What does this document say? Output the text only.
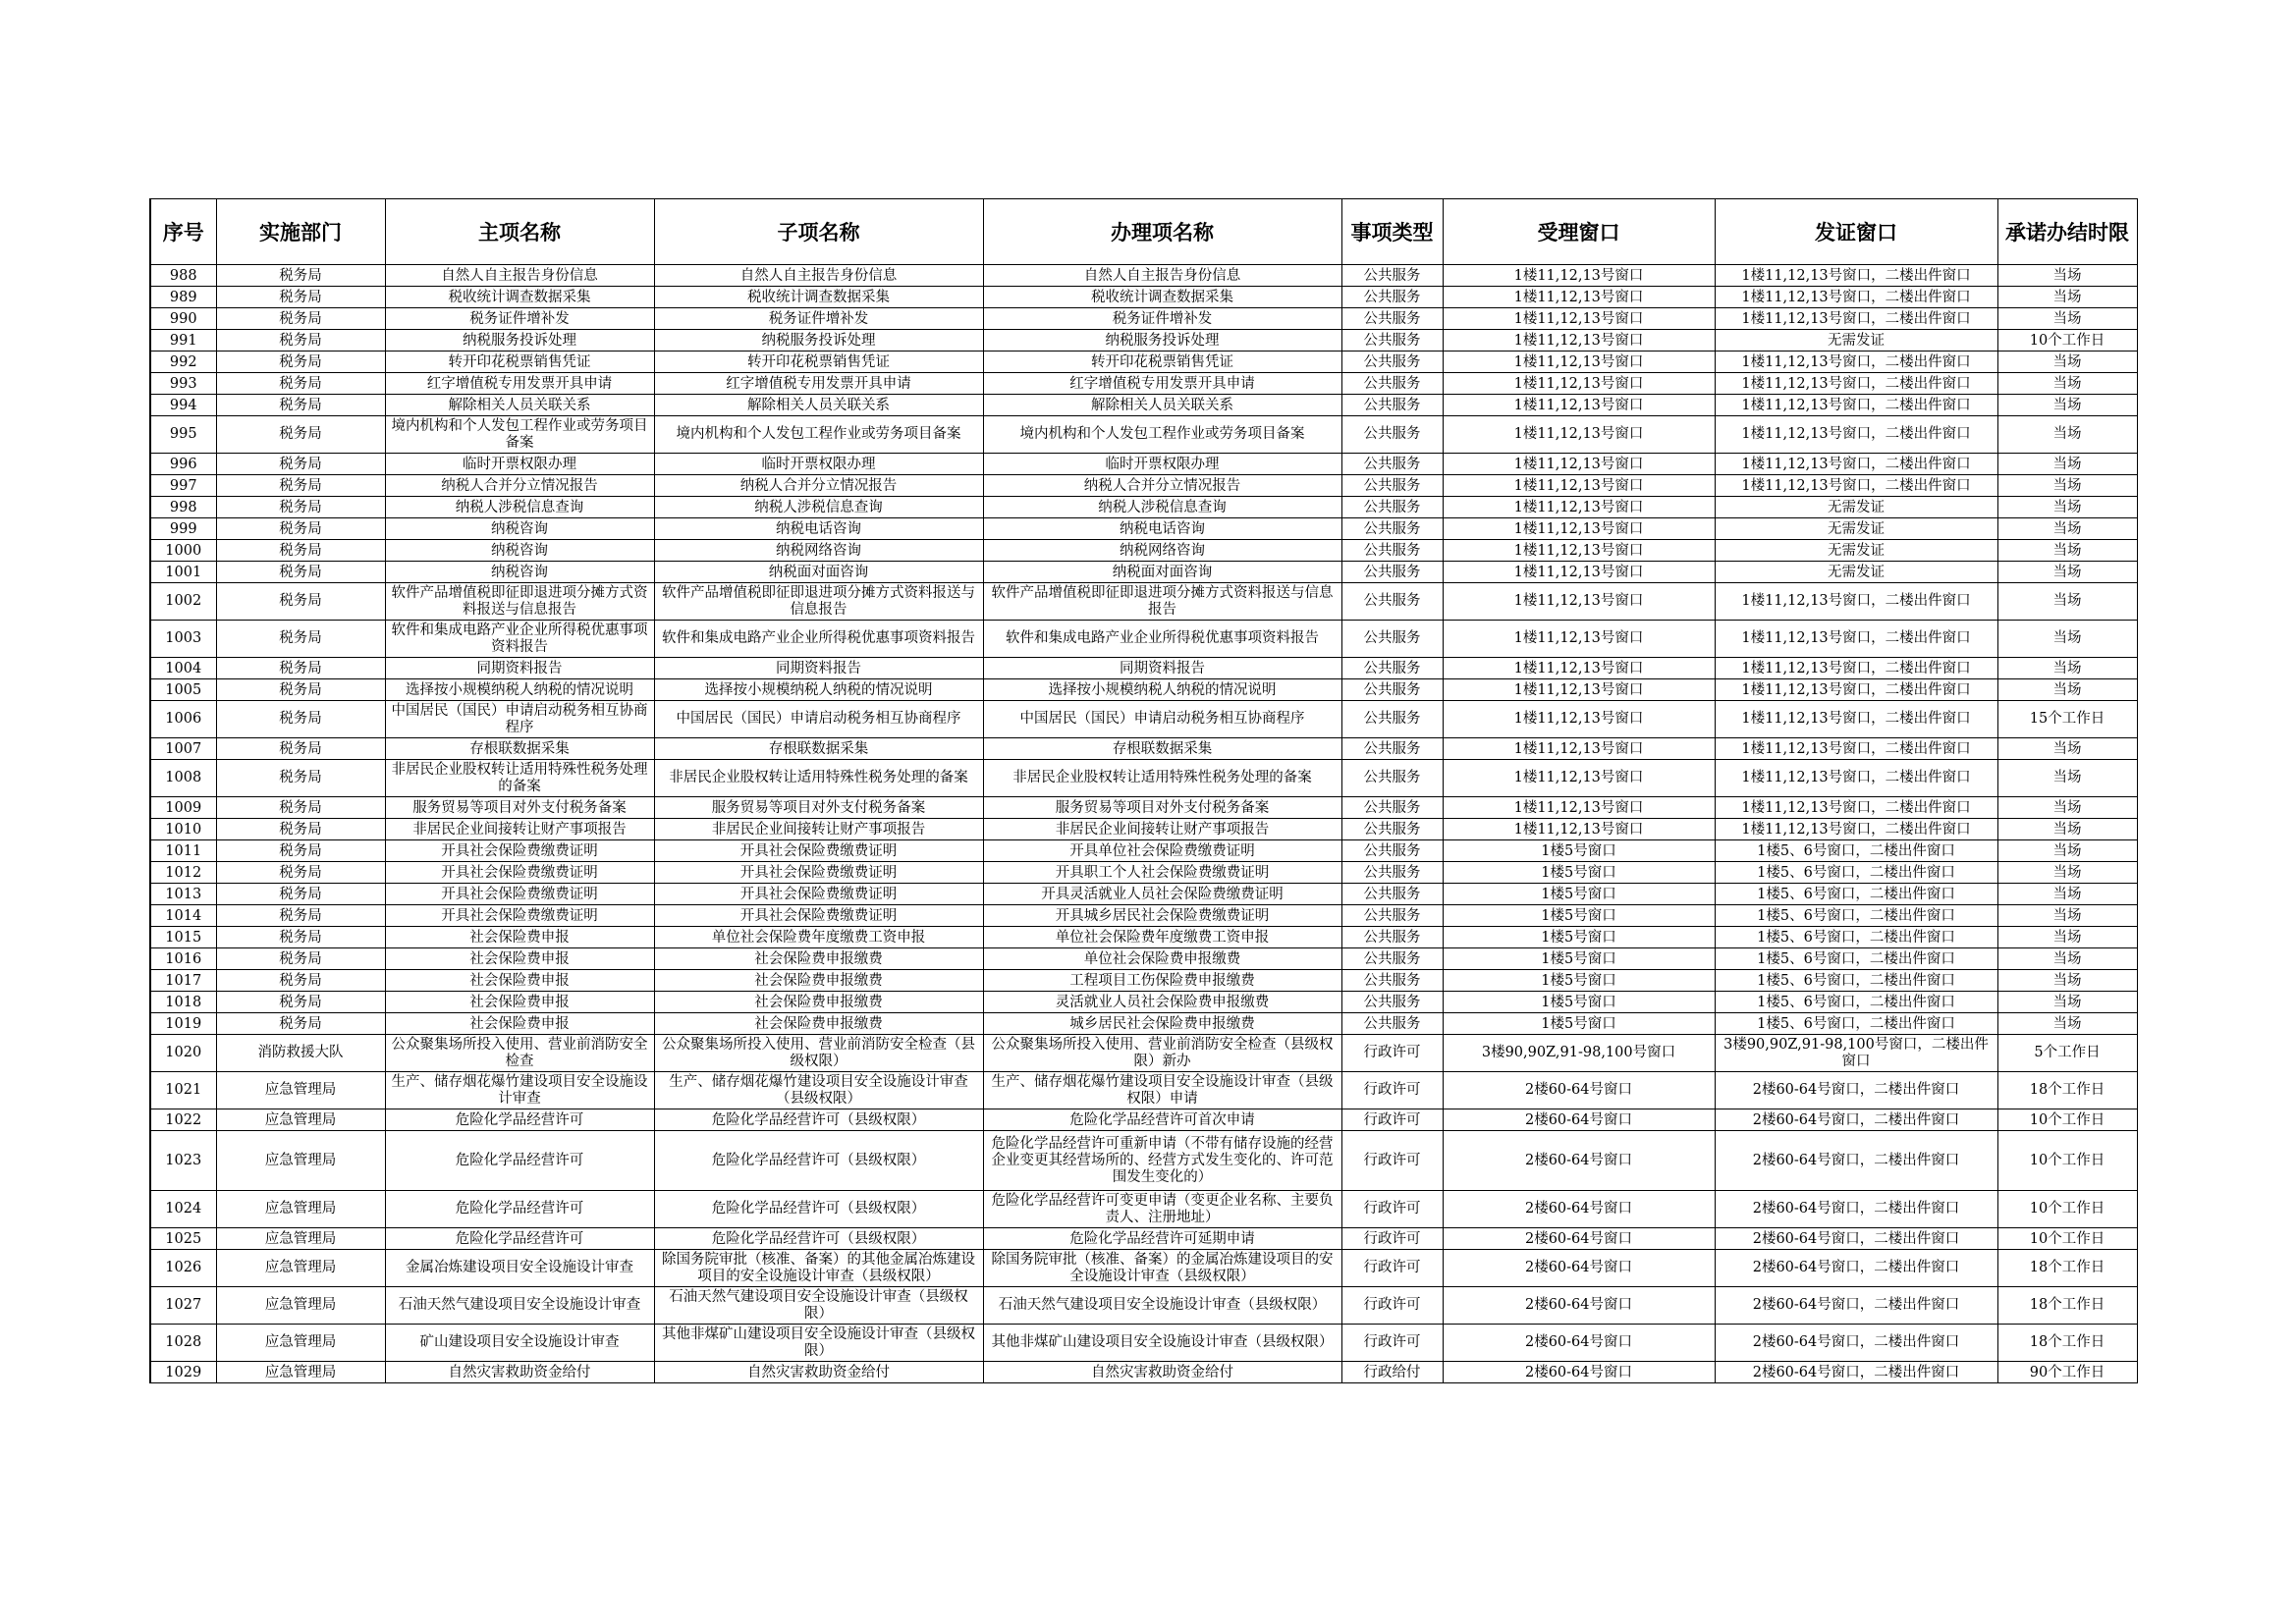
序号	实施部门	主项名称	子项名称	办理项名称	事项类型	受理窗口	发证窗口	承诺办结时限
988	税务局	自然人自主报告身份信息	自然人自主报告身份信息	自然人自主报告身份信息	公共服务	1楼11,12,13号窗口	1楼11,12,13号窗口，二楼出件窗口	当场
989	税务局	税收统计调查数据采集	税收统计调查数据采集	税收统计调查数据采集	公共服务	1楼11,12,13号窗口	1楼11,12,13号窗口，二楼出件窗口	当场
990	税务局	税务证件增补发	税务证件增补发	税务证件增补发	公共服务	1楼11,12,13号窗口	1楼11,12,13号窗口，二楼出件窗口	当场
991	税务局	纳税服务投诉处理	纳税服务投诉处理	纳税服务投诉处理	公共服务	1楼11,12,13号窗口	无需发证	10个工作日
992	税务局	转开印花税票销售凭证	转开印花税票销售凭证	转开印花税票销售凭证	公共服务	1楼11,12,13号窗口	1楼11,12,13号窗口，二楼出件窗口	当场
993	税务局	红字增值税专用发票开具申请	红字增值税专用发票开具申请	红字增值税专用发票开具申请	公共服务	1楼11,12,13号窗口	1楼11,12,13号窗口，二楼出件窗口	当场
994	税务局	解除相关人员关联关系	解除相关人员关联关系	解除相关人员关联关系	公共服务	1楼11,12,13号窗口	1楼11,12,13号窗口，二楼出件窗口	当场
995	税务局	境内机构和个人发包工程作业或劳务项目备案	境内机构和个人发包工程作业或劳务项目备案	境内机构和个人发包工程作业或劳务项目备案	公共服务	1楼11,12,13号窗口	1楼11,12,13号窗口，二楼出件窗口	当场
996	税务局	临时开票权限办理	临时开票权限办理	临时开票权限办理	公共服务	1楼11,12,13号窗口	1楼11,12,13号窗口，二楼出件窗口	当场
997	税务局	纳税人合并分立情况报告	纳税人合并分立情况报告	纳税人合并分立情况报告	公共服务	1楼11,12,13号窗口	1楼11,12,13号窗口，二楼出件窗口	当场
998	税务局	纳税人涉税信息查询	纳税人涉税信息查询	纳税人涉税信息查询	公共服务	1楼11,12,13号窗口	无需发证	当场
999	税务局	纳税咨询	纳税电话咨询	纳税电话咨询	公共服务	1楼11,12,13号窗口	无需发证	当场
1000	税务局	纳税咨询	纳税网络咨询	纳税网络咨询	公共服务	1楼11,12,13号窗口	无需发证	当场
1001	税务局	纳税咨询	纳税面对面咨询	纳税面对面咨询	公共服务	1楼11,12,13号窗口	无需发证	当场
1002	税务局	软件产品增值税即征即退进项分摊方式资料报送与信息报告	软件产品增值税即征即退进项分摊方式资料报送与信息报告	软件产品增值税即征即退进项分摊方式资料报送与信息报告	公共服务	1楼11,12,13号窗口	1楼11,12,13号窗口，二楼出件窗口	当场
1003	税务局	软件和集成电路产业企业所得税优惠事项资料报告	软件和集成电路产业企业所得税优惠事项资料报告	软件和集成电路产业企业所得税优惠事项资料报告	公共服务	1楼11,12,13号窗口	1楼11,12,13号窗口，二楼出件窗口	当场
1004	税务局	同期资料报告	同期资料报告	同期资料报告	公共服务	1楼11,12,13号窗口	1楼11,12,13号窗口，二楼出件窗口	当场
1005	税务局	选择按小规模纳税人纳税的情况说明	选择按小规模纳税人纳税的情况说明	选择按小规模纳税人纳税的情况说明	公共服务	1楼11,12,13号窗口	1楼11,12,13号窗口，二楼出件窗口	当场
1006	税务局	中国居民（国民）申请启动税务相互协商程序	中国居民（国民）申请启动税务相互协商程序	中国居民（国民）申请启动税务相互协商程序	公共服务	1楼11,12,13号窗口	1楼11,12,13号窗口，二楼出件窗口	15个工作日
1007	税务局	存根联数据采集	存根联数据采集	存根联数据采集	公共服务	1楼11,12,13号窗口	1楼11,12,13号窗口，二楼出件窗口	当场
1008	税务局	非居民企业股权转让适用特殊性税务处理的备案	非居民企业股权转让适用特殊性税务处理的备案	非居民企业股权转让适用特殊性税务处理的备案	公共服务	1楼11,12,13号窗口	1楼11,12,13号窗口，二楼出件窗口	当场
1009	税务局	服务贸易等项目对外支付税务备案	服务贸易等项目对外支付税务备案	服务贸易等项目对外支付税务备案	公共服务	1楼11,12,13号窗口	1楼11,12,13号窗口，二楼出件窗口	当场
1010	税务局	非居民企业间接转让财产事项报告	非居民企业间接转让财产事项报告	非居民企业间接转让财产事项报告	公共服务	1楼11,12,13号窗口	1楼11,12,13号窗口，二楼出件窗口	当场
1011	税务局	开具社会保险费缴费证明	开具社会保险费缴费证明	开具单位社会保险费缴费证明	公共服务	1楼5号窗口	1楼5、6号窗口，二楼出件窗口	当场
1012	税务局	开具社会保险费缴费证明	开具社会保险费缴费证明	开具职工个人社会保险费缴费证明	公共服务	1楼5号窗口	1楼5、6号窗口，二楼出件窗口	当场
1013	税务局	开具社会保险费缴费证明	开具社会保险费缴费证明	开具灵活就业人员社会保险费缴费证明	公共服务	1楼5号窗口	1楼5、6号窗口，二楼出件窗口	当场
1014	税务局	开具社会保险费缴费证明	开具社会保险费缴费证明	开具城乡居民社会保险费缴费证明	公共服务	1楼5号窗口	1楼5、6号窗口，二楼出件窗口	当场
1015	税务局	社会保险费申报	单位社会保险费年度缴费工资申报	单位社会保险费年度缴费工资申报	公共服务	1楼5号窗口	1楼5、6号窗口，二楼出件窗口	当场
1016	税务局	社会保险费申报	社会保险费申报缴费	单位社会保险费申报缴费	公共服务	1楼5号窗口	1楼5、6号窗口，二楼出件窗口	当场
1017	税务局	社会保险费申报	社会保险费申报缴费	工程项目工伤保险费申报缴费	公共服务	1楼5号窗口	1楼5、6号窗口，二楼出件窗口	当场
1018	税务局	社会保险费申报	社会保险费申报缴费	灵活就业人员社会保险费申报缴费	公共服务	1楼5号窗口	1楼5、6号窗口，二楼出件窗口	当场
1019	税务局	社会保险费申报	社会保险费申报缴费	城乡居民社会保险费申报缴费	公共服务	1楼5号窗口	1楼5、6号窗口，二楼出件窗口	当场
1020	消防救援大队	公众聚集场所投入使用、营业前消防安全检查	公众聚集场所投入使用、营业前消防安全检查（县级权限）	公众聚集场所投入使用、营业前消防安全检查（县级权限）新办	行政许可	3楼90,90Z,91-98,100号窗口	3楼90,90Z,91-98,100号窗口，二楼出件窗口	5个工作日
1021	应急管理局	生产、储存烟花爆竹建设项目安全设施设计审查	生产、储存烟花爆竹建设项目安全设施设计审查（县级权限）	生产、储存烟花爆竹建设项目安全设施设计审查（县级权限）申请	行政许可	2楼60-64号窗口	2楼60-64号窗口，二楼出件窗口	18个工作日
1022	应急管理局	危险化学品经营许可	危险化学品经营许可（县级权限）	危险化学品经营许可首次申请	行政许可	2楼60-64号窗口	2楼60-64号窗口，二楼出件窗口	10个工作日
1023	应急管理局	危险化学品经营许可	危险化学品经营许可（县级权限）	危险化学品经营许可重新申请（不带有储存设施的经营企业变更其经营场所的、经营方式发生变化的、许可范围发生变化的）	行政许可	2楼60-64号窗口	2楼60-64号窗口，二楼出件窗口	10个工作日
1024	应急管理局	危险化学品经营许可	危险化学品经营许可（县级权限）	危险化学品经营许可变更申请（变更企业名称、主要负责人、注册地址）	行政许可	2楼60-64号窗口	2楼60-64号窗口，二楼出件窗口	10个工作日
1025	应急管理局	危险化学品经营许可	危险化学品经营许可（县级权限）	危险化学品经营许可延期申请	行政许可	2楼60-64号窗口	2楼60-64号窗口，二楼出件窗口	10个工作日
1026	应急管理局	金属冶炼建设项目安全设施设计审查	除国务院审批（核准、备案）的其他金属冶炼建设项目的安全设施设计审查（县级权限）	除国务院审批（核准、备案）的金属冶炼建设项目的安全设施设计审查（县级权限）	行政许可	2楼60-64号窗口	2楼60-64号窗口，二楼出件窗口	18个工作日
1027	应急管理局	石油天然气建设项目安全设施设计审查	石油天然气建设项目安全设施设计审查（县级权限）	石油天然气建设项目安全设施设计审查（县级权限）	行政许可	2楼60-64号窗口	2楼60-64号窗口，二楼出件窗口	18个工作日
1028	应急管理局	矿山建设项目安全设施设计审查	其他非煤矿山建设项目安全设施设计审查（县级权限）	其他非煤矿山建设项目安全设施设计审查（县级权限）	行政许可	2楼60-64号窗口	2楼60-64号窗口，二楼出件窗口	18个工作日
1029	应急管理局	自然灾害救助资金给付	自然灾害救助资金给付	自然灾害救助资金给付	行政给付	2楼60-64号窗口	2楼60-64号窗口，二楼出件窗口	90个工作日
